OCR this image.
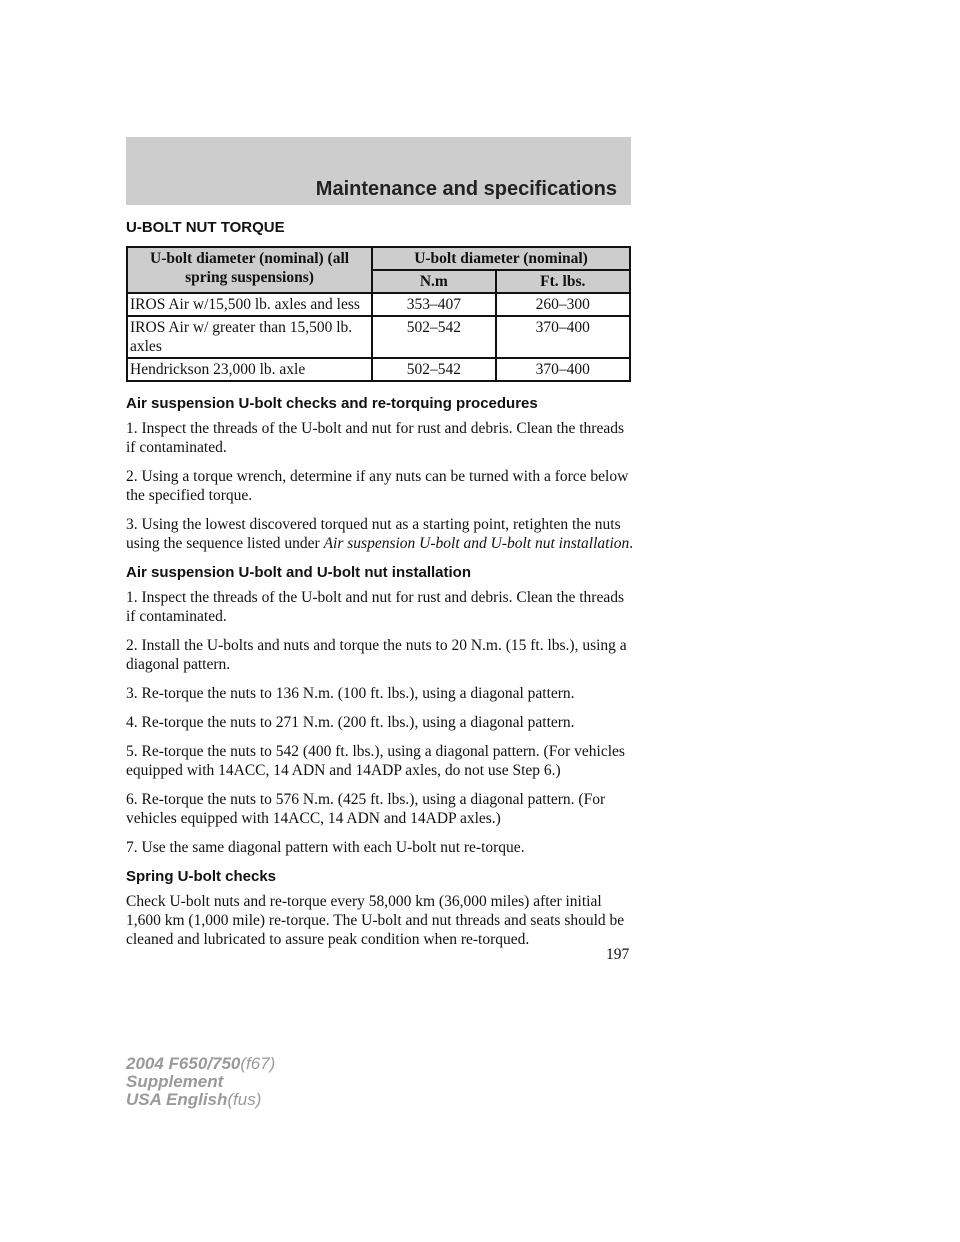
Maintenance and specifications
U-BOLT NUT TORQUE
U-bolt diameter (nominal) (all spring suspensions)	U-bolt diameter (nominal)	
	N.m	Ft. lbs.
IROS Air w/15,500 lb. axles and less	353–407	260–300
IROS Air w/ greater than 15,500 lb. axles	502–542	370–400
Hendrickson 23,000 lb. axle	502–542	370–400
Air suspension U-bolt checks and re-torquing procedures

1. Inspect the threads of the U-bolt and nut for rust and debris. Clean the threads if contaminated.

2. Using a torque wrench, determine if any nuts can be turned with a force below the specified torque.

3. Using the lowest discovered torqued nut as a starting point, retighten the nuts using the sequence listed under Air suspension U-bolt and U-bolt nut installation.

Air suspension U-bolt and U-bolt nut installation

1. Inspect the threads of the U-bolt and nut for rust and debris. Clean the threads if contaminated.

2. Install the U-bolts and nuts and torque the nuts to 20 N.m. (15 ft. lbs.), using a diagonal pattern.

3. Re-torque the nuts to 136 N.m. (100 ft. lbs.), using a diagonal pattern.

4. Re-torque the nuts to 271 N.m. (200 ft. lbs.), using a diagonal pattern.

5. Re-torque the nuts to 542 (400 ft. lbs.), using a diagonal pattern. (For vehicles equipped with 14ACC, 14 ADN and 14ADP axles, do not use Step 6.)

6. Re-torque the nuts to 576 N.m. (425 ft. lbs.), using a diagonal pattern. (For vehicles equipped with 14ACC, 14 ADN and 14ADP axles.)

7. Use the same diagonal pattern with each U-bolt nut re-torque.

Spring U-bolt checks

Check U-bolt nuts and re-torque every 58,000 km (36,000 miles) after initial 1,600 km (1,000 mile) re-torque. The U-bolt and nut threads and seats should be cleaned and lubricated to assure peak condition when re-torqued.

197
2004 F650/750(f67)
Supplement
USA English(fus)
